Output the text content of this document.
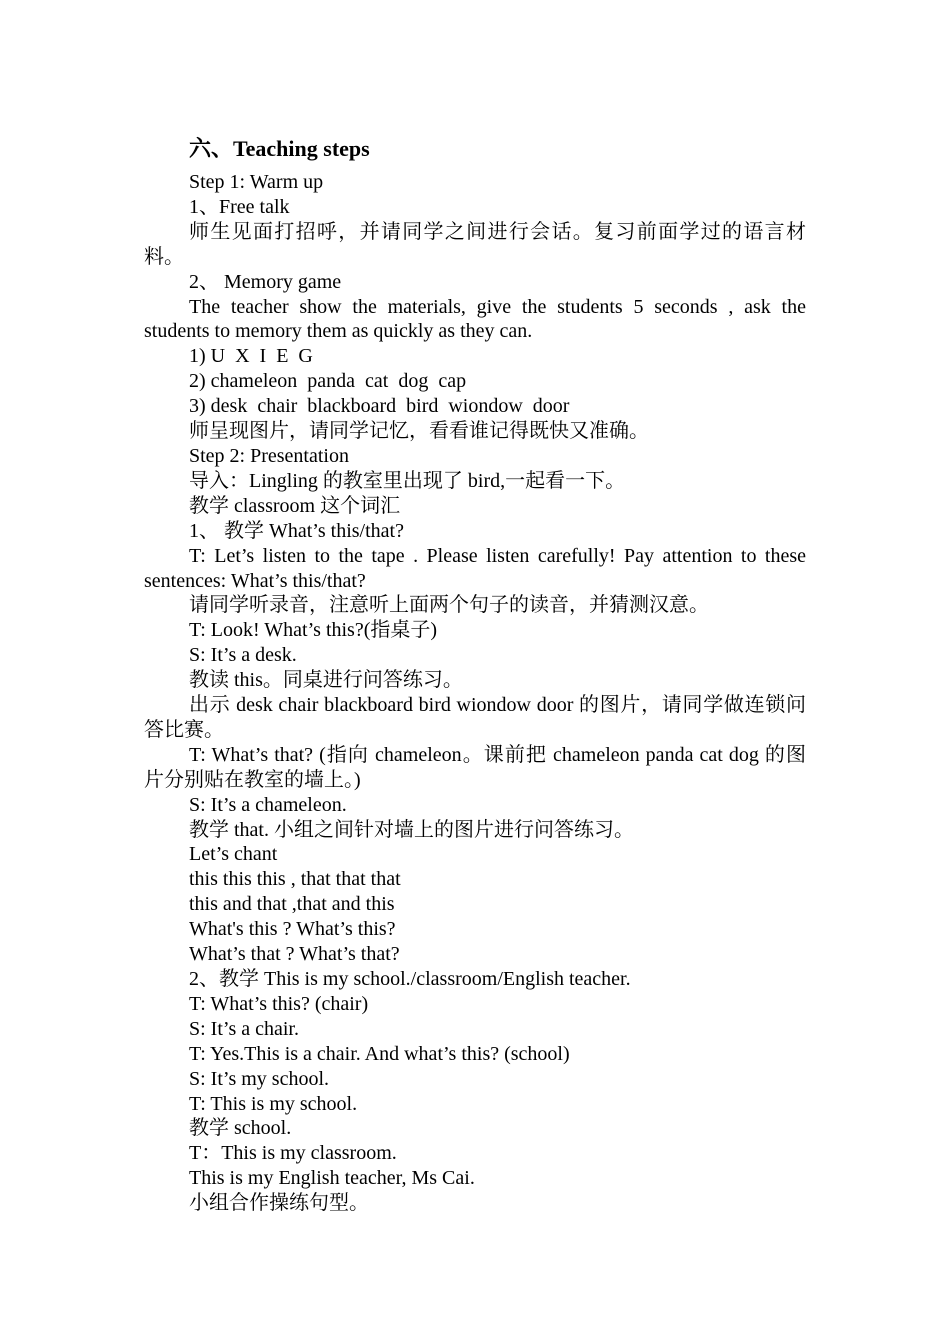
六、Teaching steps
Step 1: Warm up
1、Free talk
师生见面打招呼，并请同学之间进行会话。复习前面学过的语言材料。
2、 Memory game
The teacher show the materials, give the students 5 seconds , ask the students to memory them as quickly as they can.
1) U  X  I  E  G
2) chameleon  panda  cat  dog  cap
3) desk  chair  blackboard  bird  wiondow  door
师呈现图片，请同学记忆，看看谁记得既快又准确。
Step 2: Presentation
导入：Lingling 的教室里出现了 bird,一起看一下。
教学 classroom 这个词汇
1、 教学 What’s this/that?
T: Let’s listen to the tape . Please listen carefully! Pay attention to these sentences: What’s this/that?
请同学听录音，注意听上面两个句子的读音，并猜测汉意。
T: Look! What’s this?(指桌子)
S: It’s a desk.
教读 this。同桌进行问答练习。
出示 desk chair blackboard bird wiondow door 的图片，请同学做连锁问答比赛。
T: What’s that? (指向 chameleon。课前把 chameleon panda cat dog 的图片分别贴在教室的墙上。)
S: It’s a chameleon.
教学 that. 小组之间针对墙上的图片进行问答练习。
Let’s chant
this this this , that that that
this and that ,that and this
What's this ? What’s this?
What’s that ? What’s that?
2、教学 This is my school./classroom/English teacher.
T: What’s this? (chair)
S: It’s a chair.
T: Yes.This is a chair. And what’s this? (school)
S: It’s my school.
T: This is my school.
教学 school.
T：This is my classroom.
This is my English teacher, Ms Cai.
小组合作操练句型。
